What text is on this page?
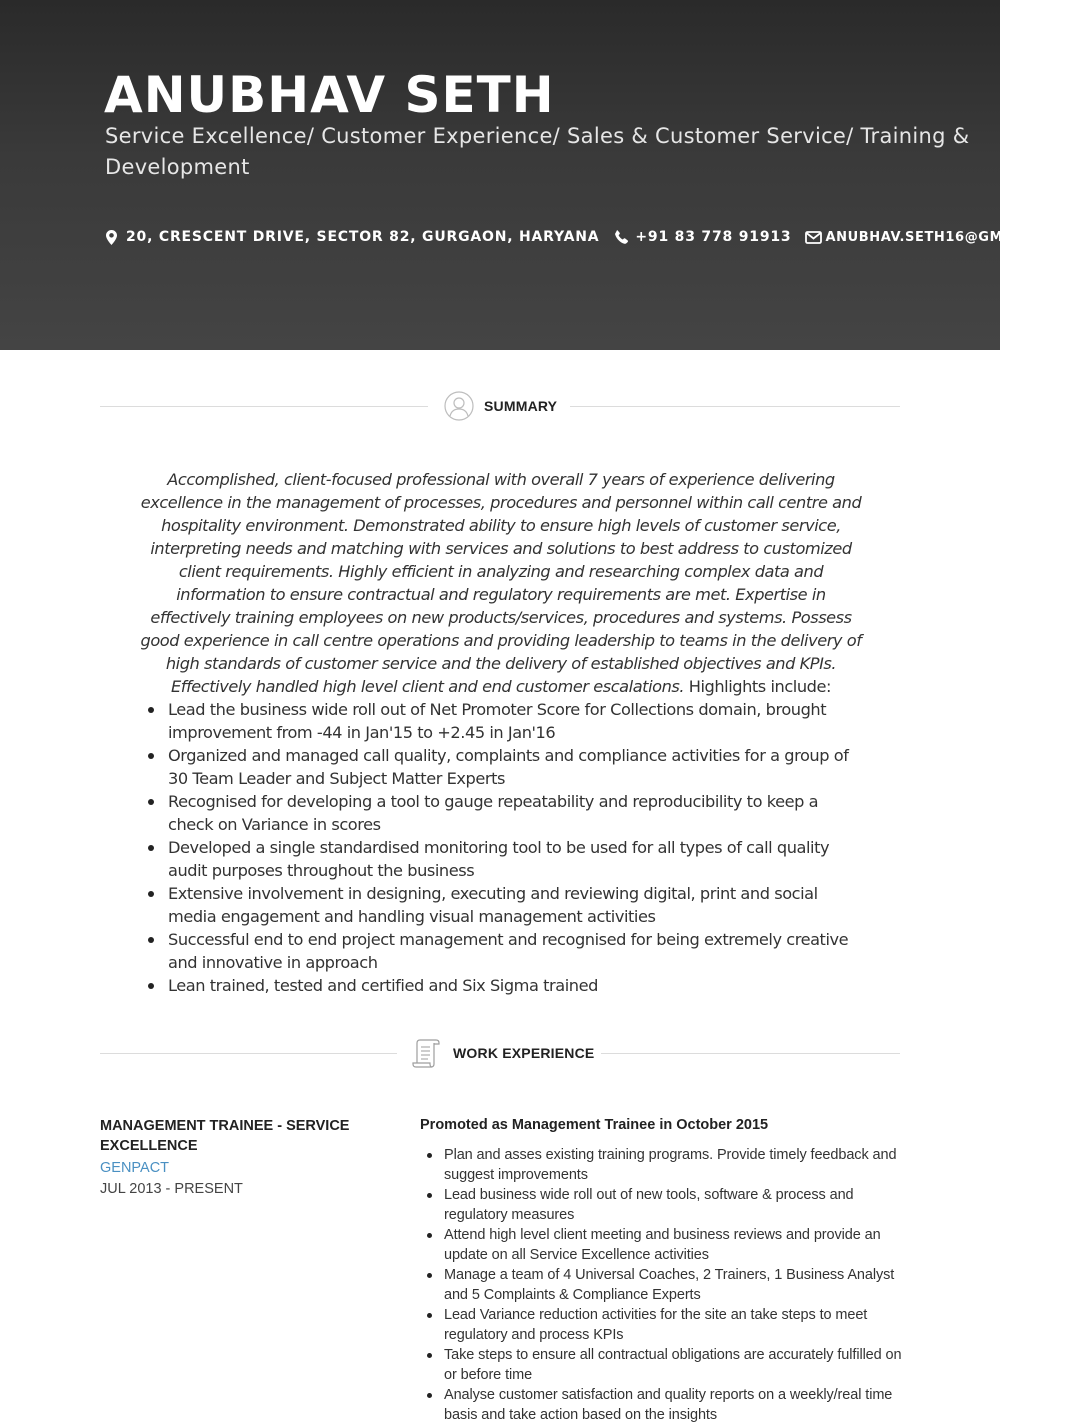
ANUBHAV SETH
Service Excellence/ Customer Experience/ Sales & Customer Service/ Training & Development
20, CRESCENT DRIVE, SECTOR 82, GURGAON, HARYANA	+91 83 778 91913	ANUBHAV.SETH16@GMAIL.COM
SUMMARY

Accomplished, client-focused professional with overall 7 years of experience delivering excellence in the management of processes, procedures and personnel within call centre and hospitality environment. Demonstrated ability to ensure high levels of customer service, interpreting needs and matching with services and solutions to best address to customized client requirements. Highly efficient in analyzing and researching complex data and information to ensure contractual and regulatory requirements are met. Expertise in effectively training employees on new products/services, procedures and systems. Possess good experience in call centre operations and providing leadership to teams in the delivery of high standards of customer service and the delivery of established objectives and KPIs. Effectively handled high level client and end customer escalations. Highlights include:

Lead the business wide roll out of Net Promoter Score for Collections domain, brought improvement from -44 in Jan'15 to +2.45 in Jan'16
Organized and managed call quality, complaints and compliance activities for a group of 30 Team Leader and Subject Matter Experts
Recognised for developing a tool to gauge repeatability and reproducibility to keep a check on Variance in scores
Developed a single standardised monitoring tool to be used for all types of call quality audit purposes throughout the business
Extensive involvement in designing, executing and reviewing digital, print and social media engagement and handling visual management activities
Successful end to end project management and recognised for being extremely creative and innovative in approach
Lean trained, tested and certified and Six Sigma trained
WORK EXPERIENCE
MANAGEMENT TRAINEE - SERVICE EXCELLENCE
GENPACT
JUL 2013 - PRESENT
Promoted as Management Trainee in October 2015
Plan and asses existing training programs. Provide timely feedback and suggest improvements
Lead business wide roll out of new tools, software & process and regulatory measures
Attend high level client meeting and business reviews and provide an update on all Service Excellence activities
Manage a team of 4 Universal Coaches, 2 Trainers, 1 Business Analyst and 5 Complaints & Compliance Experts
Lead Variance reduction activities for the site an take steps to meet regulatory and process KPIs
Take steps to ensure all contractual obligations are accurately fulfilled on or before time
Analyse customer satisfaction and quality reports on a weekly/real time basis and take action based on the insights
